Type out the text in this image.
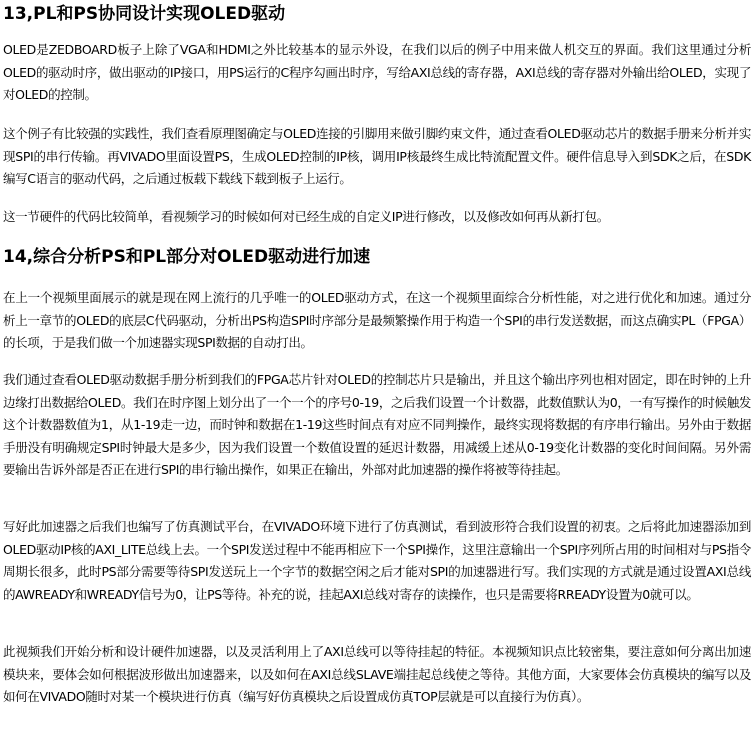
13,PL和PS协同设计实现OLED驱动

OLED是ZEDBOARD板子上除了VGA和HDMI之外比较基本的显示外设，在我们以后的例子中用来做人机交互的界面。我们这里通过分析OLED的驱动时序，做出驱动的IP接口，用PS运行的C程序勾画出时序，写给AXI总线的寄存器，AXI总线的寄存器对外输出给OLED，实现了对OLED的控制。

这个例子有比较强的实践性，我们查看原理图确定与OLED连接的引脚用来做引脚约束文件，通过查看OLED驱动芯片的数据手册来分析并实现SPI的串行传输。再VIVADO里面设置PS，生成OLED控制的IP核，调用IP核最终生成比特流配置文件。硬件信息导入到SDK之后，在SDK编写C语言的驱动代码，之后通过板载下载线下载到板子上运行。

这一节硬件的代码比较简单，看视频学习的时候如何对已经生成的自定义IP进行修改，以及修改如何再从新打包。

14,综合分析PS和PL部分对OLED驱动进行加速

在上一个视频里面展示的就是现在网上流行的几乎唯一的OLED驱动方式，在这一个视频里面综合分析性能，对之进行优化和加速。通过分析上一章节的OLED的底层C代码驱动，分析出PS构造SPI时序部分是最频繁操作用于构造一个SPI的串行发送数据，而这点确实PL（FPGA）的长项，于是我们做一个加速器实现SPI数据的自动打出。

我们通过查看OLED驱动数据手册分析到我们的FPGA芯片针对OLED的控制芯片只是输出，并且这个输出序列也相对固定，即在时钟的上升边缘打出数据给OLED。我们在时序图上划分出了一个一个的序号0-19，之后我们设置一个计数器，此数值默认为0，一有写操作的时候触发这个计数器数值为1，从1-19走一边，而时钟和数据在1-19这些时间点有对应不同判操作，最终实现将数据的有序串行输出。另外由于数据手册没有明确规定SPI时钟最大是多少，因为我们设置一个数值设置的延迟计数器，用减缓上述从0-19变化计数器的变化时间间隔。另外需要输出告诉外部是否正在进行SPI的串行输出操作，如果正在输出，外部对此加速器的操作将被等待挂起。

写好此加速器之后我们也编写了仿真测试平台，在VIVADO环境下进行了仿真测试，看到波形符合我们设置的初衷。之后将此加速器添加到OLED驱动IP核的AXI_LITE总线上去。一个SPI发送过程中不能再相应下一个SPI操作，这里注意输出一个SPI序列所占用的时间相对与PS指令周期长很多，此时PS部分需要等待SPI发送玩上一个字节的数据空闲之后才能对SPI的加速器进行写。我们实现的方式就是通过设置AXI总线的AWREADY和WREADY信号为0，让PS等待。补充的说，挂起AXI总线对寄存的读操作，也只是需要将RREADY设置为0就可以。

此视频我们开始分析和设计硬件加速器，以及灵活利用上了AXI总线可以等待挂起的特征。本视频知识点比较密集，要注意如何分离出加速模块来，要体会如何根据波形做出加速器来，以及如何在AXI总线SLAVE端挂起总线使之等待。其他方面，大家要体会仿真模块的编写以及如何在VIVADO随时对某一个模块进行仿真（编写好仿真模块之后设置成仿真TOP层就是可以直接行为仿真）。
